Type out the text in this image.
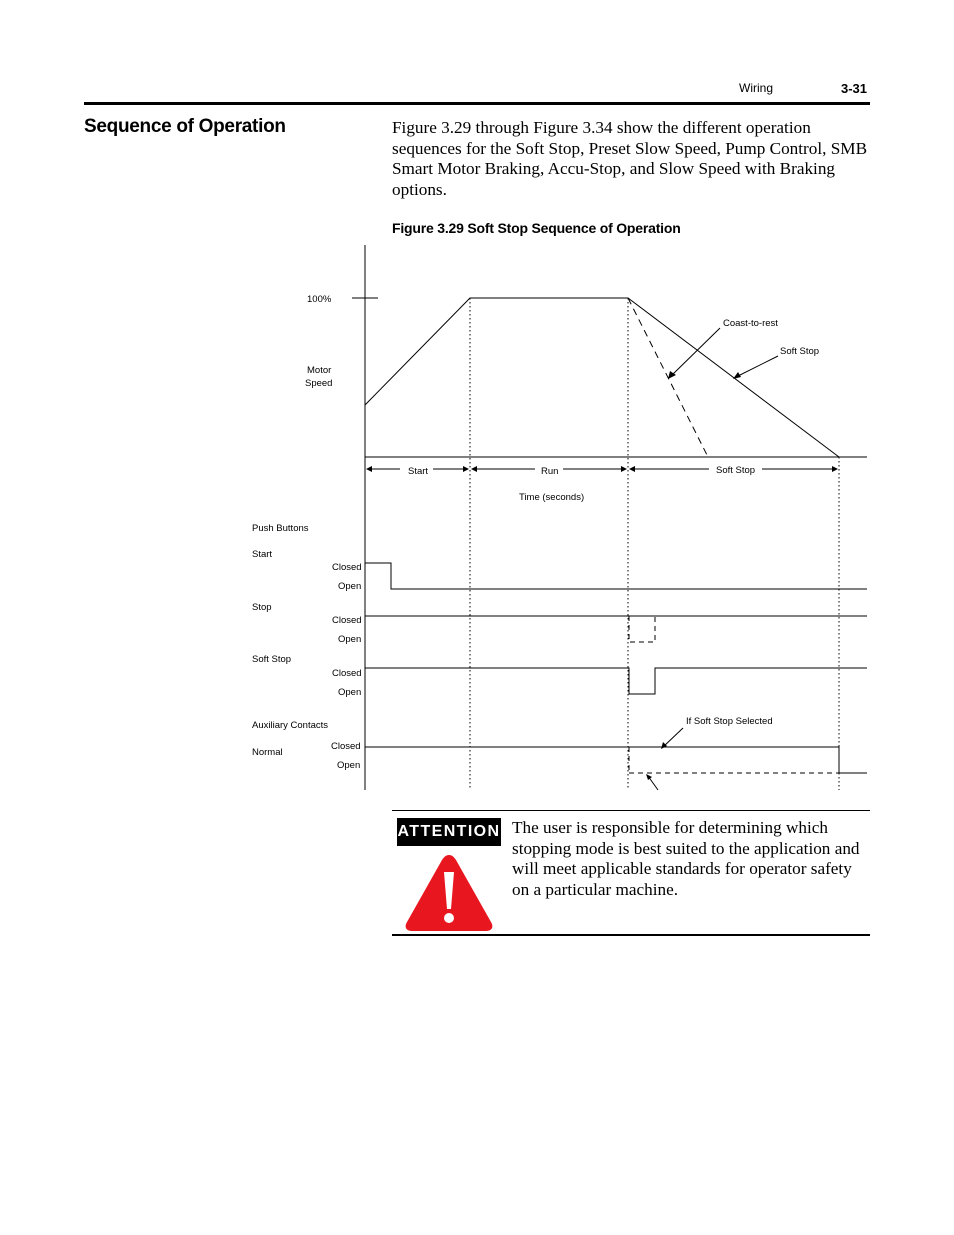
Wiring	3-31
Sequence of Operation	Figure 3.29 through Figure 3.34 show the different operation sequences for the Soft Stop, Preset Slow Speed, Pump Control, SMB Smart Motor Braking, Accu-Stop, and Slow Speed with Braking options.
Figure 3.29 Soft Stop Sequence of Operation
100%
Motor
Speed
Coast-to-rest
Soft Stop
Start	Run	Soft Stop
Time (seconds)
Push Buttons
Start
Stop
Soft Stop
Auxiliary Contacts
Normal
Closed
Open
Closed
Open
Closed
Open
Closed
Open
If Soft Stop Selected
ATTENTION The user is responsible for determining which stopping mode is best suited to the application and will meet applicable standards for operator safety on a particular machine.
